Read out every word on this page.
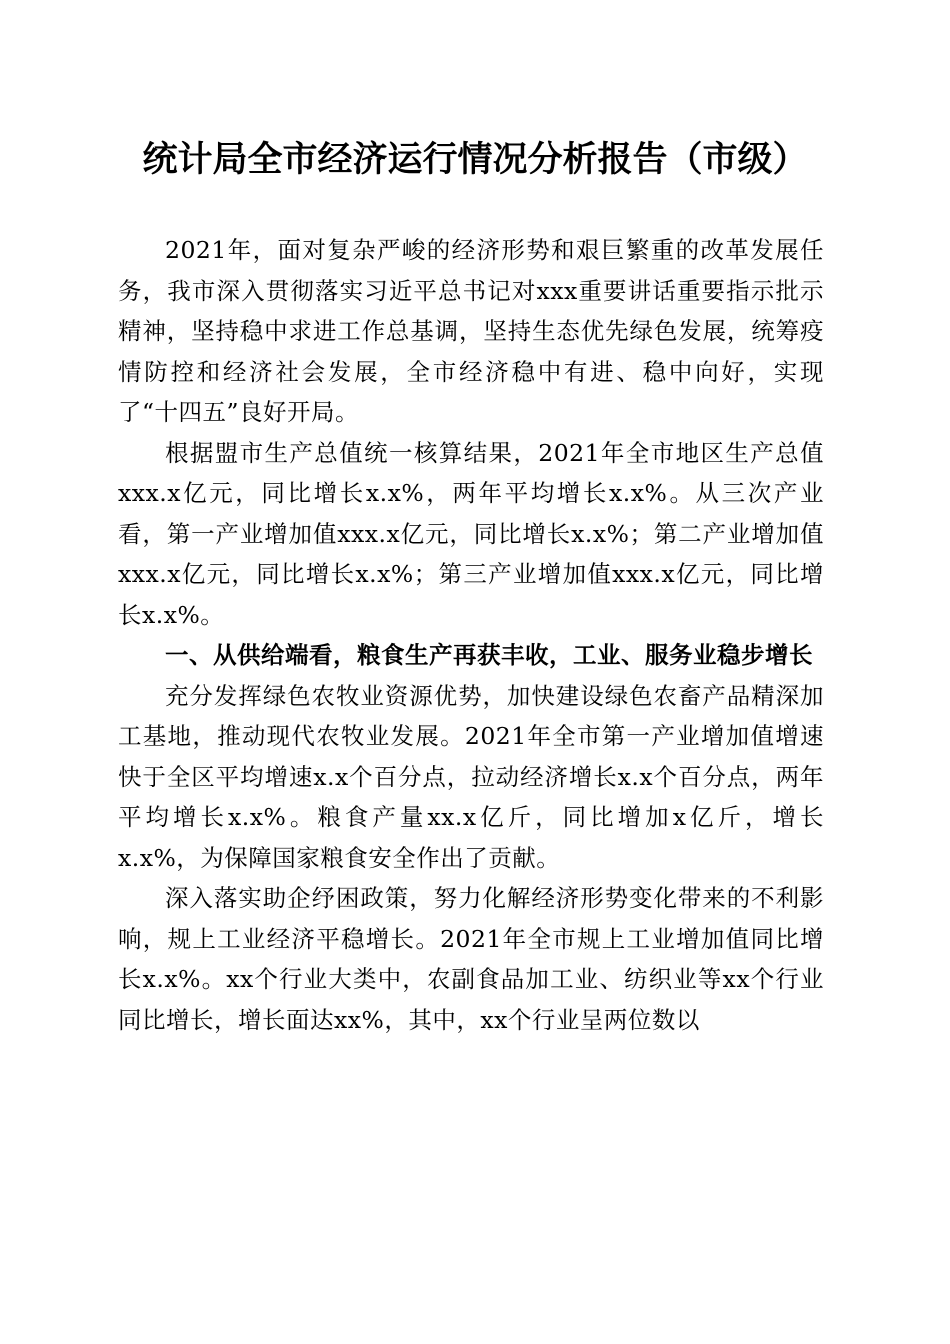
统计局全市经济运行情况分析报告（市级）

2021年，面对复杂严峻的经济形势和艰巨繁重的改革发展任务，我市深入贯彻落实习近平总书记对xxx重要讲话重要指示批示精神，坚持稳中求进工作总基调，坚持生态优先绿色发展，统筹疫情防控和经济社会发展，全市经济稳中有进、稳中向好，实现了“十四五”良好开局。

根据盟市生产总值统一核算结果，2021年全市地区生产总值xxx.x亿元，同比增长x.x%，两年平均增长x.x%。从三次产业看，第一产业增加值xxx.x亿元，同比增长x.x%；第二产业增加值xxx.x亿元，同比增长x.x%；第三产业增加值xxx.x亿元，同比增长x.x%。

一、从供给端看，粮食生产再获丰收，工业、服务业稳步增长

充分发挥绿色农牧业资源优势，加快建设绿色农畜产品精深加工基地，推动现代农牧业发展。2021年全市第一产业增加值增速快于全区平均增速x.x个百分点，拉动经济增长x.x个百分点，两年平均增长x.x%。粮食产量xx.x亿斤，同比增加x亿斤，增长x.x%，为保障国家粮食安全作出了贡献。

深入落实助企纾困政策，努力化解经济形势变化带来的不利影响，规上工业经济平稳增长。2021年全市规上工业增加值同比增长x.x%。xx个行业大类中，农副食品加工业、纺织业等xx个行业同比增长，增长面达xx%，其中，xx个行业呈两位数以
